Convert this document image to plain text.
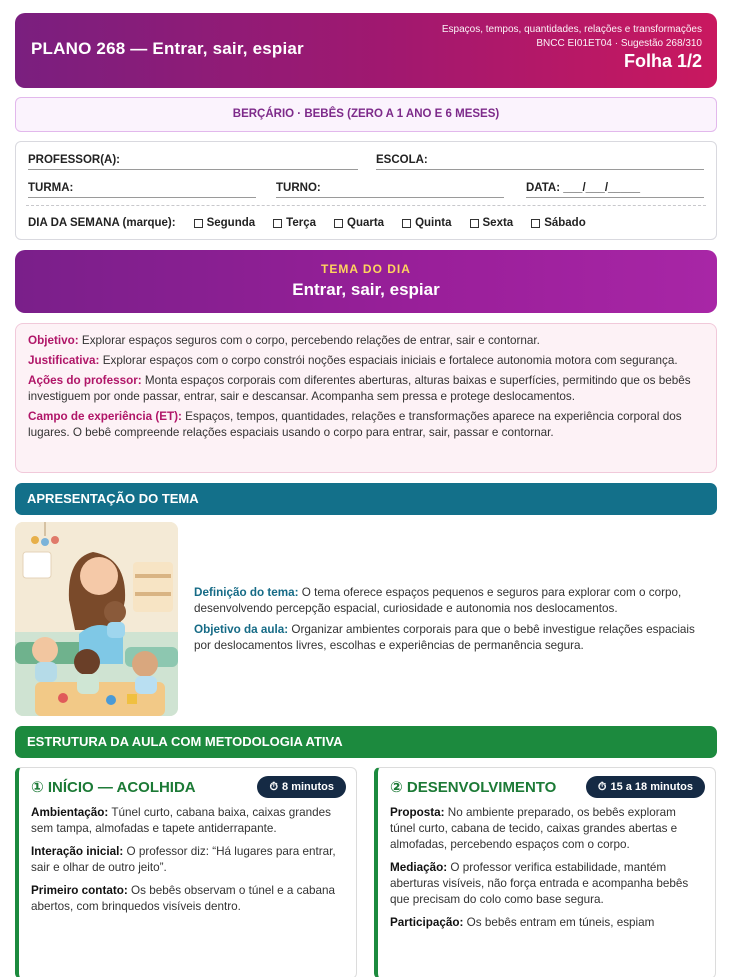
PLANO 268 — Entrar, sair, espiar
Espaços, tempos, quantidades, relações e transformações
BNCC EI01ET04 · Sugestão 268/310
Folha 1/2
BERÇÁRIO · BEBÊS (ZERO A 1 ANO E 6 MESES)
PROFESSOR(A):	ESCOLA:
TURMA:	TURNO:	DATA: ___/___/_____
DIA DA SEMANA (marque):	Segunda	Terça	Quarta	Quinta	Sexta	Sábado
TEMA DO DIA
Entrar, sair, espiar

Objetivo: Explorar espaços seguros com o corpo, percebendo relações de entrar, sair e contornar.

Justificativa: Explorar espaços com o corpo constrói noções espaciais iniciais e fortalece autonomia motora com segurança.

Ações do professor: Monta espaços corporais com diferentes aberturas, alturas baixas e superfícies, permitindo que os bebês investiguem por onde passar, entrar, sair e descansar. Acompanha sem pressa e protege deslocamentos.

Campo de experiência (ET): Espaços, tempos, quantidades, relações e transformações aparece na experiência corporal dos lugares. O bebê compreende relações espaciais usando o corpo para entrar, sair, passar e contornar.

APRESENTAÇÃO DO TEMA

Definição do tema: O tema oferece espaços pequenos e seguros para explorar com o corpo, desenvolvendo percepção espacial, curiosidade e autonomia nos deslocamentos.

Objetivo da aula: Organizar ambientes corporais para que o bebê investigue relações espaciais por deslocamentos livres, escolhas e experiências de permanência segura.

ESTRUTURA DA AULA COM METODOLOGIA ATIVA
① INÍCIO — ACOLHIDA	⏱ 8 minutos

Ambientação: Túnel curto, cabana baixa, caixas grandes sem tampa, almofadas e tapete antiderrapante.

Interação inicial: O professor diz: “Há lugares para entrar, sair e olhar de outro jeito”.

Primeiro contato: Os bebês observam o túnel e a cabana abertos, com brinquedos visíveis dentro.

② DESENVOLVIMENTO	⏱ 15 a 18 minutos

Proposta: No ambiente preparado, os bebês exploram túnel curto, cabana de tecido, caixas grandes abertas e almofadas, percebendo espaços com o corpo.

Mediação: O professor verifica estabilidade, mantém aberturas visíveis, não força entrada e acompanha bebês que precisam do colo como base segura.

Participação: Os bebês entram em túneis, espiam
